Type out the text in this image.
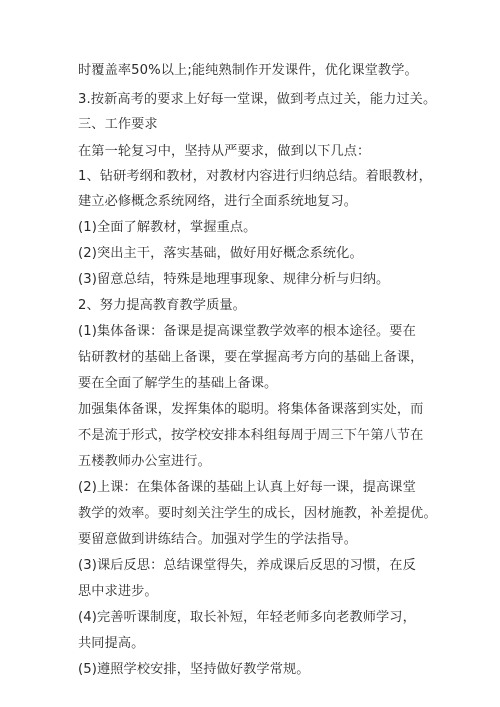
时覆盖率50%以上;能纯熟制作开发课件，优化课堂教学。
3.按新高考的要求上好每一堂课，做到考点过关，能力过关。
三、工作要求
在第一轮复习中，坚持从严要求，做到以下几点：
1、钻研考纲和教材，对教材内容进行归纳总结。着眼教材，
建立必修概念系统网络，进行全面系统地复习。
(1)全面了解教材，掌握重点。
(2)突出主干，落实基础，做好用好概念系统化。
(3)留意总结，特殊是地理事现象、规律分析与归纳。
2、努力提高教育教学质量。
(1)集体备课：备课是提高课堂教学效率的根本途径。要在
钻研教材的基础上备课，要在掌握高考方向的基础上备课，
要在全面了解学生的基础上备课。
加强集体备课，发挥集体的聪明。将集体备课落到实处，而
不是流于形式，按学校安排本科组每周于周三下午第八节在
五楼教师办公室进行。
(2)上课：在集体备课的基础上认真上好每一课，提高课堂
教学的效率。要时刻关注学生的成长，因材施教，补差提优。
要留意做到讲练结合。加强对学生的学法指导。
(3)课后反思：总结课堂得失，养成课后反思的习惯，在反
思中求进步。
(4)完善听课制度，取长补短，年轻老师多向老教师学习，
共同提高。
(5)遵照学校安排，坚持做好教学常规。
